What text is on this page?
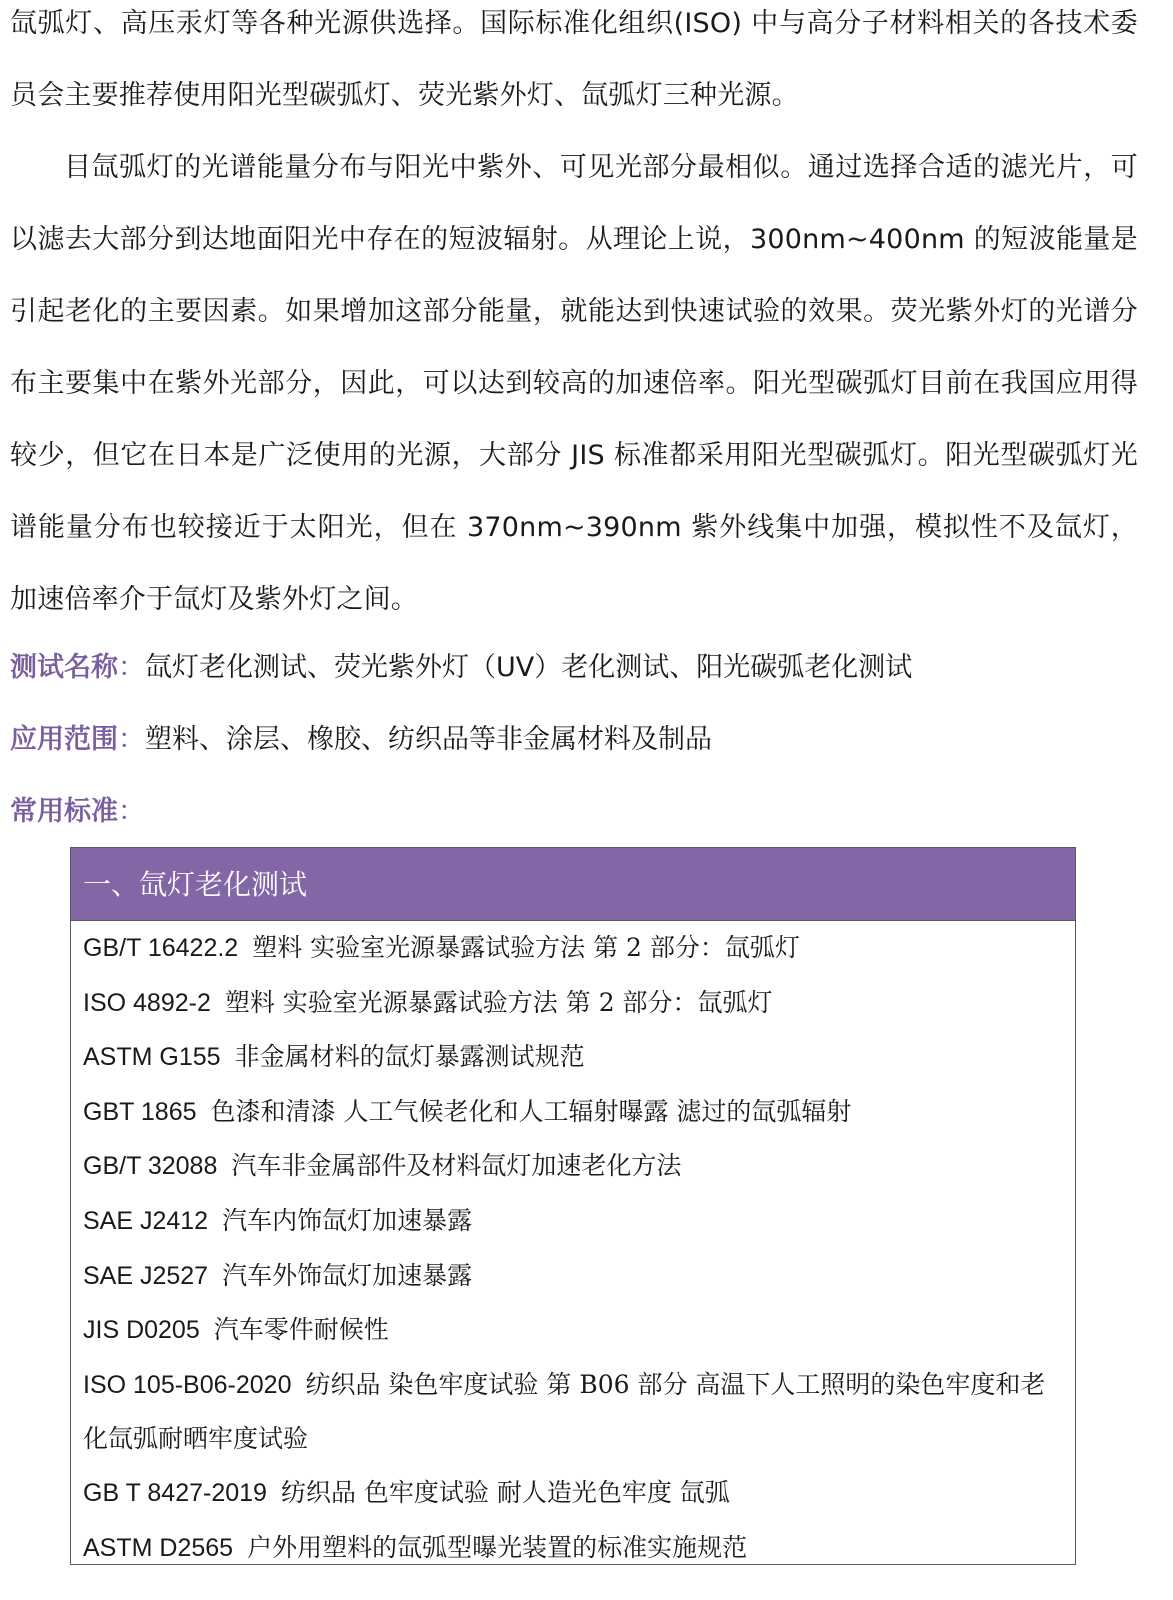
氙弧灯、高压汞灯等各种光源供选择。国际标准化组织(ISO) 中与高分子材料相关的各技术委员会主要推荐使用阳光型碳弧灯、荧光紫外灯、氙弧灯三种光源。

目氙弧灯的光谱能量分布与阳光中紫外、可见光部分最相似。通过选择合适的滤光片，可以滤去大部分到达地面阳光中存在的短波辐射。从理论上说，300nm~400nm 的短波能量是引起老化的主要因素。如果增加这部分能量，就能达到快速试验的效果。荧光紫外灯的光谱分布主要集中在紫外光部分，因此，可以达到较高的加速倍率。阳光型碳弧灯目前在我国应用得较少，但它在日本是广泛使用的光源，大部分 JIS 标准都采用阳光型碳弧灯。阳光型碳弧灯光谱能量分布也较接近于太阳光，但在 370nm~390nm 紫外线集中加强，模拟性不及氙灯，加速倍率介于氙灯及紫外灯之间。

测试名称：氙灯老化测试、荧光紫外灯（UV）老化测试、阳光碳弧老化测试
应用范围：塑料、涂层、橡胶、纺织品等非金属材料及制品
常用标准：
一、氙灯老化测试
GB/T 16422.2 塑料 实验室光源暴露试验方法 第 2 部分：氙弧灯
ISO 4892-2 塑料 实验室光源暴露试验方法 第 2 部分：氙弧灯
ASTM G155 非金属材料的氙灯暴露测试规范
GBT 1865 色漆和清漆 人工气候老化和人工辐射曝露 滤过的氙弧辐射
GB/T 32088 汽车非金属部件及材料氙灯加速老化方法
SAE J2412 汽车内饰氙灯加速暴露
SAE J2527 汽车外饰氙灯加速暴露
JIS D0205 汽车零件耐候性
ISO 105-B06-2020 纺织品 染色牢度试验 第 B06 部分 高温下人工照明的染色牢度和老化氙弧耐晒牢度试验
GB T 8427-2019 纺织品 色牢度试验 耐人造光色牢度 氙弧
ASTM D2565 户外用塑料的氙弧型曝光装置的标准实施规范
